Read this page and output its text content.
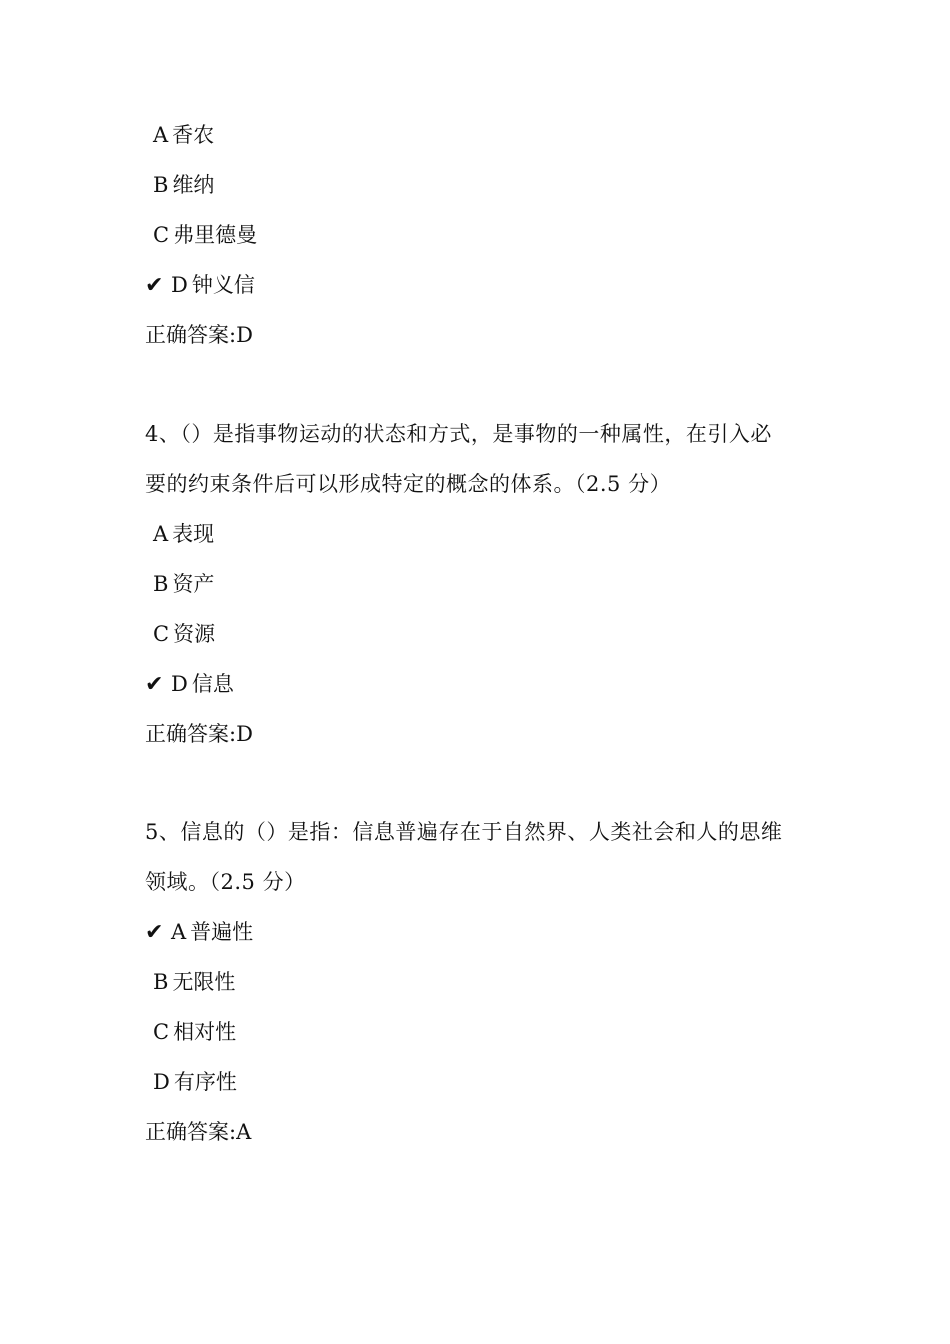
A 香农
B 维纳
C 弗里德曼
✔ D 钟义信
正确答案:D
4、（）是指事物运动的状态和方式，是事物的一种属性，在引入必
要的约束条件后可以形成特定的概念的体系。（2.5 分）
A 表现
B 资产
C 资源
✔ D 信息
正确答案:D
5、信息的（）是指：信息普遍存在于自然界、人类社会和人的思维
领域。（2.5 分）
✔ A 普遍性
B 无限性
C 相对性
D 有序性
正确答案:A
